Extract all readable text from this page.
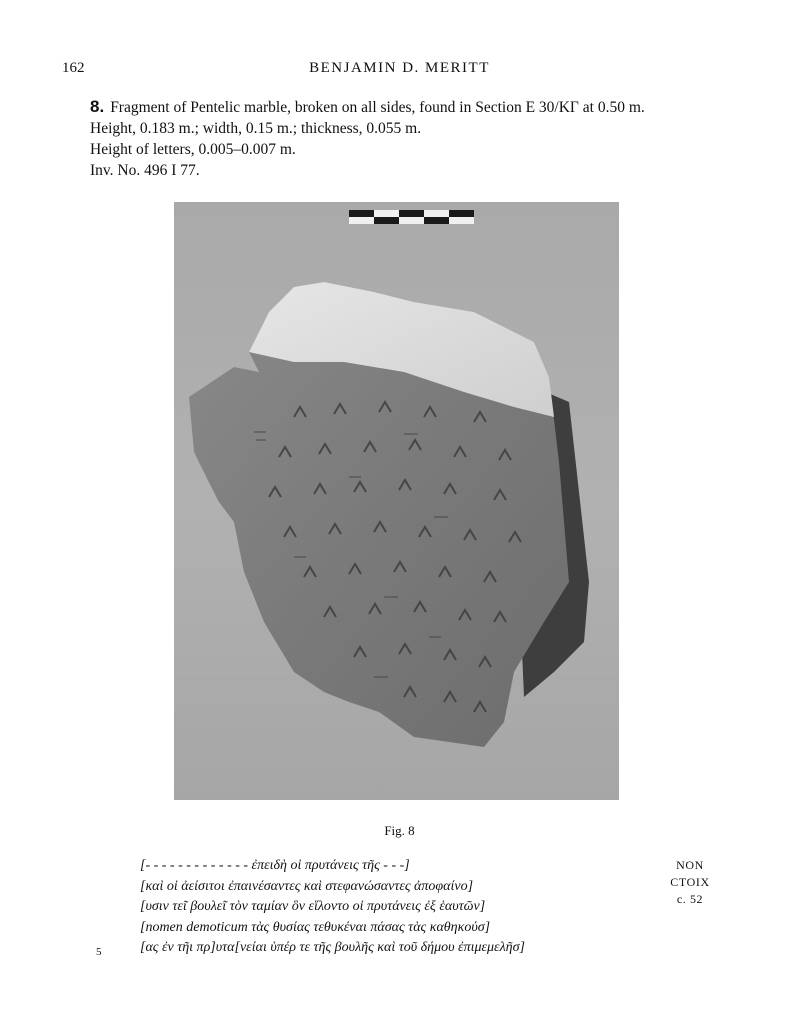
162	BENJAMIN D. MERITT
8. Fragment of Pentelic marble, broken on all sides, found in Section E 30/ΚΓ at 0.50 m.
Height, 0.183 m.; width, 0.15 m.; thickness, 0.055 m.
Height of letters, 0.005–0.007 m.
Inv. No. 496 I 77.
Fig. 8
[- - - - - - - - - - - - - ἐπειδὴ οἱ πρυτάνεις τῆς - - -]
[καὶ οἱ ἀείσιτοι ἐπαινέσαντες καὶ στεφανώσαντες ἀποφαίνο]
[υσιν τε̃ι βουλε̃ι τὸν ταμίαν ὃν εἵλοντο οἱ πρυτάνεις ἐξ ἑαυτῶν]
[nomen demoticum τὰς θυσίας τεθυκέναι πάσας τὰς καθηκούσ]
[ας ἐν τῆι πρ]υτα[νείαι ὑπέρ τε τῆς βουλῆς καὶ τοῦ δήμου ἐπιμεμελῆσ]
5
NON
CTOIX
c. 52
